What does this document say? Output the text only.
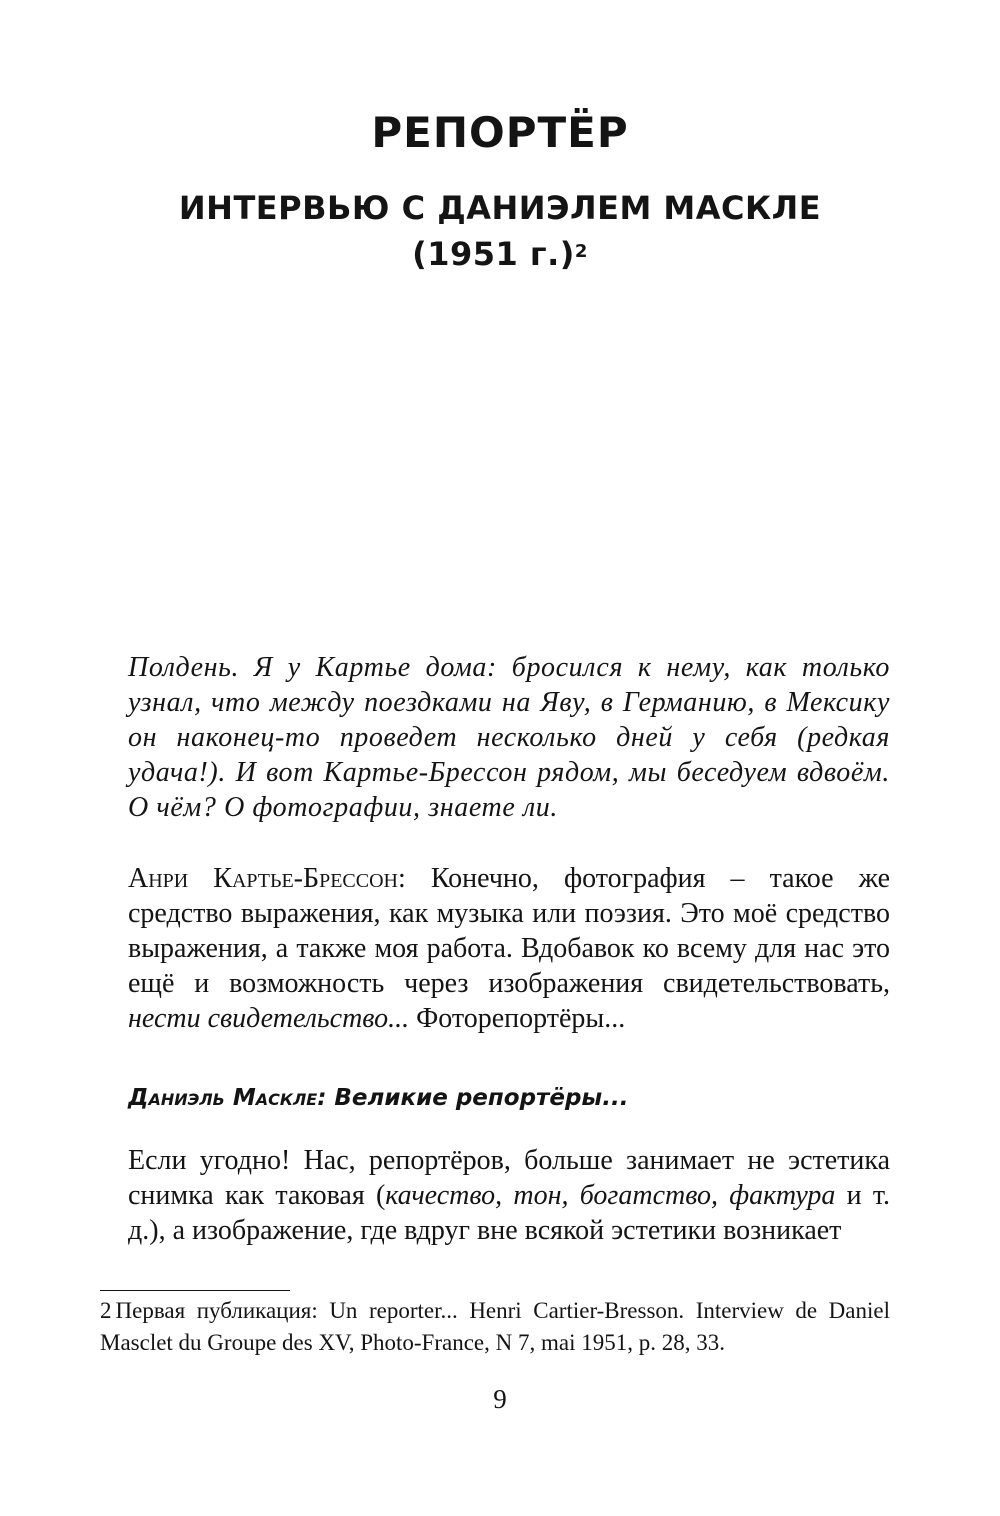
РЕПОРТЁР
ИНТЕРВЬЮ С ДАНИЭЛЕМ МАСКЛЕ
(1951 г.)$^2$

Полдень. Я у Картье дома: бросился к нему, как только узнал, что между поездками на Яву, в Германию, в Мексику он наконец-то проведет несколько дней у себя (редкая удача!). И вот Картье-Брессон рядом, мы беседуем вдвоём. О чём? О фотографии, знаете ли.

Анри Картье-Брессон: Конечно, фотография – такое же средство выражения, как музыка или поэзия. Это моё средство выражения, а также моя работа. Вдобавок ко всему для нас это ещё и возможность через изображения свидетельствовать, нести свидетельство... Фоторепортёры...

Даниэль Маскле: Великие репортёры...

Если угодно! Нас, репортёров, больше занимает не эстетика снимка как таковая (качество, тон, богатство, фактура и т. д.), а изображение, где вдруг вне всякой эстетики возникает

2 Первая публикация: Un reporter... Henri Cartier-Bresson. Interview de Daniel Masclet du Groupe des XV, Photo-France, N 7, mai 1951, p. 28, 33.

9
